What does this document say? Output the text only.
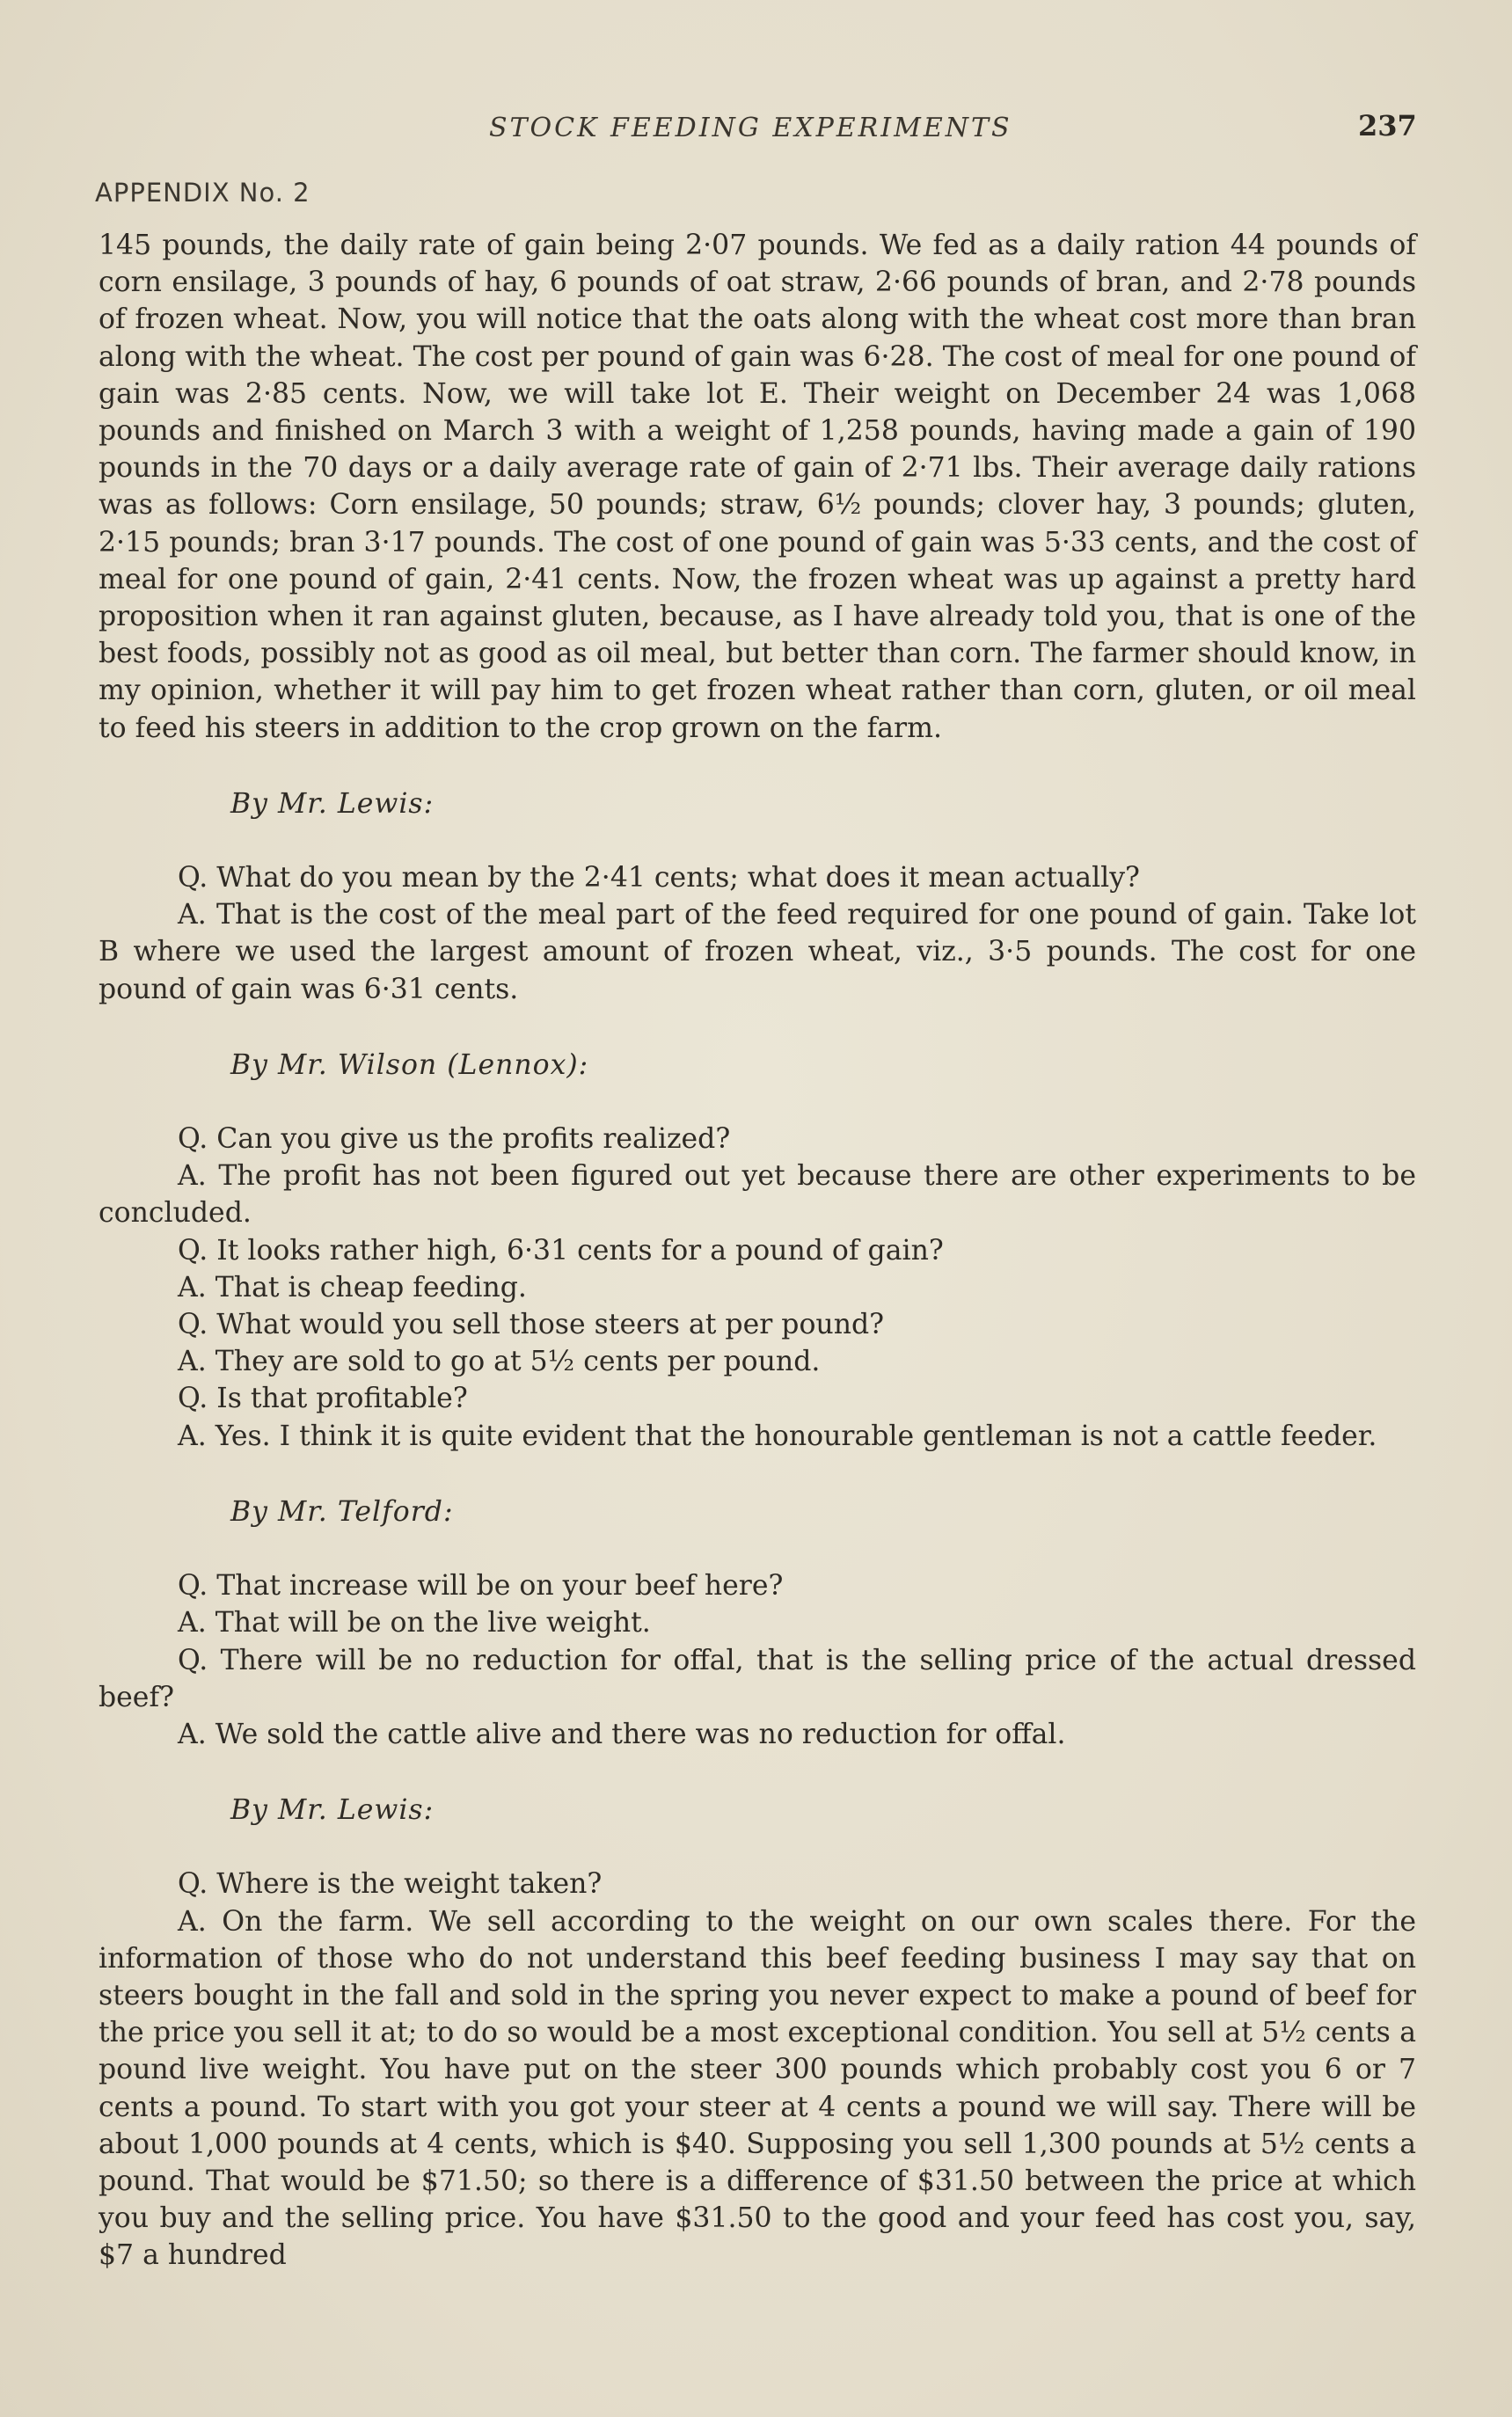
STOCK FEEDING EXPERIMENTS	237
APPENDIX No. 2

145 pounds, the daily rate of gain being 2·07 pounds. We fed as a daily ration 44 pounds of corn ensilage, 3 pounds of hay, 6 pounds of oat straw, 2·66 pounds of bran, and 2·78 pounds of frozen wheat. Now, you will notice that the oats along with the wheat cost more than bran along with the wheat. The cost per pound of gain was 6·28. The cost of meal for one pound of gain was 2·85 cents. Now, we will take lot E. Their weight on December 24 was 1,068 pounds and finished on March 3 with a weight of 1,258 pounds, having made a gain of 190 pounds in the 70 days or a daily average rate of gain of 2·71 lbs. Their average daily rations was as follows: Corn ensilage, 50 pounds; straw, 6½ pounds; clover hay, 3 pounds; gluten, 2·15 pounds; bran 3·17 pounds. The cost of one pound of gain was 5·33 cents, and the cost of meal for one pound of gain, 2·41 cents. Now, the frozen wheat was up against a pretty hard proposition when it ran against gluten, because, as I have already told you, that is one of the best foods, possibly not as good as oil meal, but better than corn. The farmer should know, in my opinion, whether it will pay him to get frozen wheat rather than corn, gluten, or oil meal to feed his steers in addition to the crop grown on the farm.

By Mr. Lewis:

Q. What do you mean by the 2·41 cents; what does it mean actually?

A. That is the cost of the meal part of the feed required for one pound of gain. Take lot B where we used the largest amount of frozen wheat, viz., 3·5 pounds. The cost for one pound of gain was 6·31 cents.

By Mr. Wilson (Lennox):

Q. Can you give us the profits realized?

A. The profit has not been figured out yet because there are other experiments to be concluded.

Q. It looks rather high, 6·31 cents for a pound of gain?

A. That is cheap feeding.

Q. What would you sell those steers at per pound?

A. They are sold to go at 5½ cents per pound.

Q. Is that profitable?

A. Yes. I think it is quite evident that the honourable gentleman is not a cattle feeder.

By Mr. Telford:

Q. That increase will be on your beef here?

A. That will be on the live weight.

Q. There will be no reduction for offal, that is the selling price of the actual dressed beef?

A. We sold the cattle alive and there was no reduction for offal.

By Mr. Lewis:

Q. Where is the weight taken?

A. On the farm. We sell according to the weight on our own scales there. For the information of those who do not understand this beef feeding business I may say that on steers bought in the fall and sold in the spring you never expect to make a pound of beef for the price you sell it at; to do so would be a most exceptional condition. You sell at 5½ cents a pound live weight. You have put on the steer 300 pounds which probably cost you 6 or 7 cents a pound. To start with you got your steer at 4 cents a pound we will say. There will be about 1,000 pounds at 4 cents, which is $40. Supposing you sell 1,300 pounds at 5½ cents a pound. That would be $71.50; so there is a difference of $31.50 between the price at which you buy and the selling price. You have $31.50 to the good and your feed has cost you, say, $7 a hundred
